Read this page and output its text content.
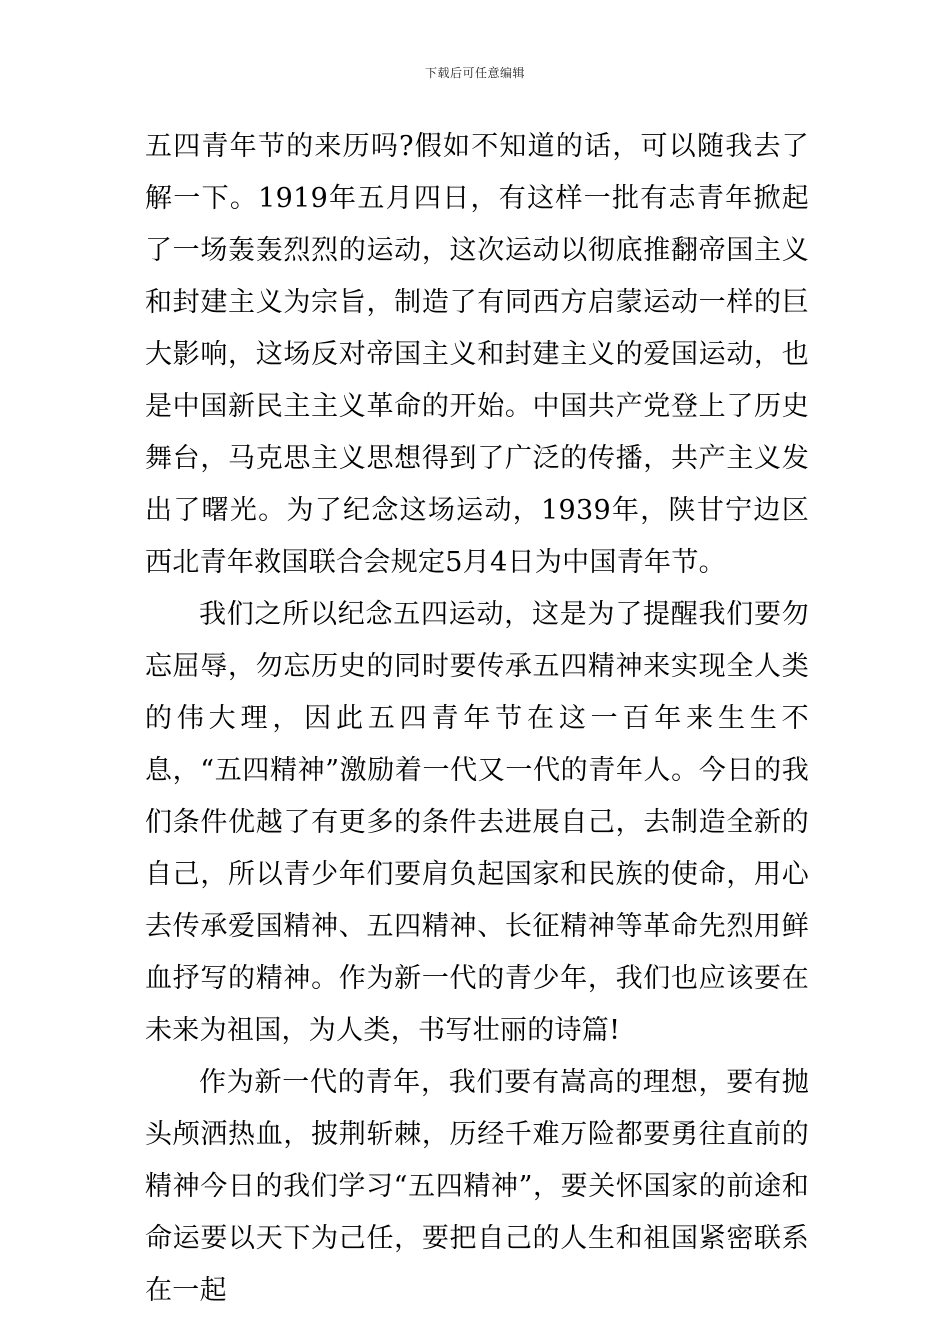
下载后可任意编辑

五四青年节的来历吗?假如不知道的话，可以随我去了解一下。1919年五月四日，有这样一批有志青年掀起了一场轰轰烈烈的运动，这次运动以彻底推翻帝国主义和封建主义为宗旨，制造了有同西方启蒙运动一样的巨大影响，这场反对帝国主义和封建主义的爱国运动，也是中国新民主主义革命的开始。中国共产党登上了历史舞台，马克思主义思想得到了广泛的传播，共产主义发出了曙光。为了纪念这场运动，1939年，陕甘宁边区西北青年救国联合会规定5月4日为中国青年节。

我们之所以纪念五四运动，这是为了提醒我们要勿忘屈辱，勿忘历史的同时要传承五四精神来实现全人类的伟大理，因此五四青年节在这一百年来生生不息，“五四精神”激励着一代又一代的青年人。今日的我们条件优越了有更多的条件去进展自己，去制造全新的自己，所以青少年们要肩负起国家和民族的使命，用心去传承爱国精神、五四精神、长征精神等革命先烈用鲜血抒写的精神。作为新一代的青少年，我们也应该要在未来为祖国，为人类，书写壮丽的诗篇!

作为新一代的青年，我们要有嵩高的理想，要有抛头颅洒热血，披荆斩棘，历经千难万险都要勇往直前的精神今日的我们学习“五四精神”，要关怀国家的前途和命运要以天下为己任，要把自己的人生和祖国紧密联系在一起
